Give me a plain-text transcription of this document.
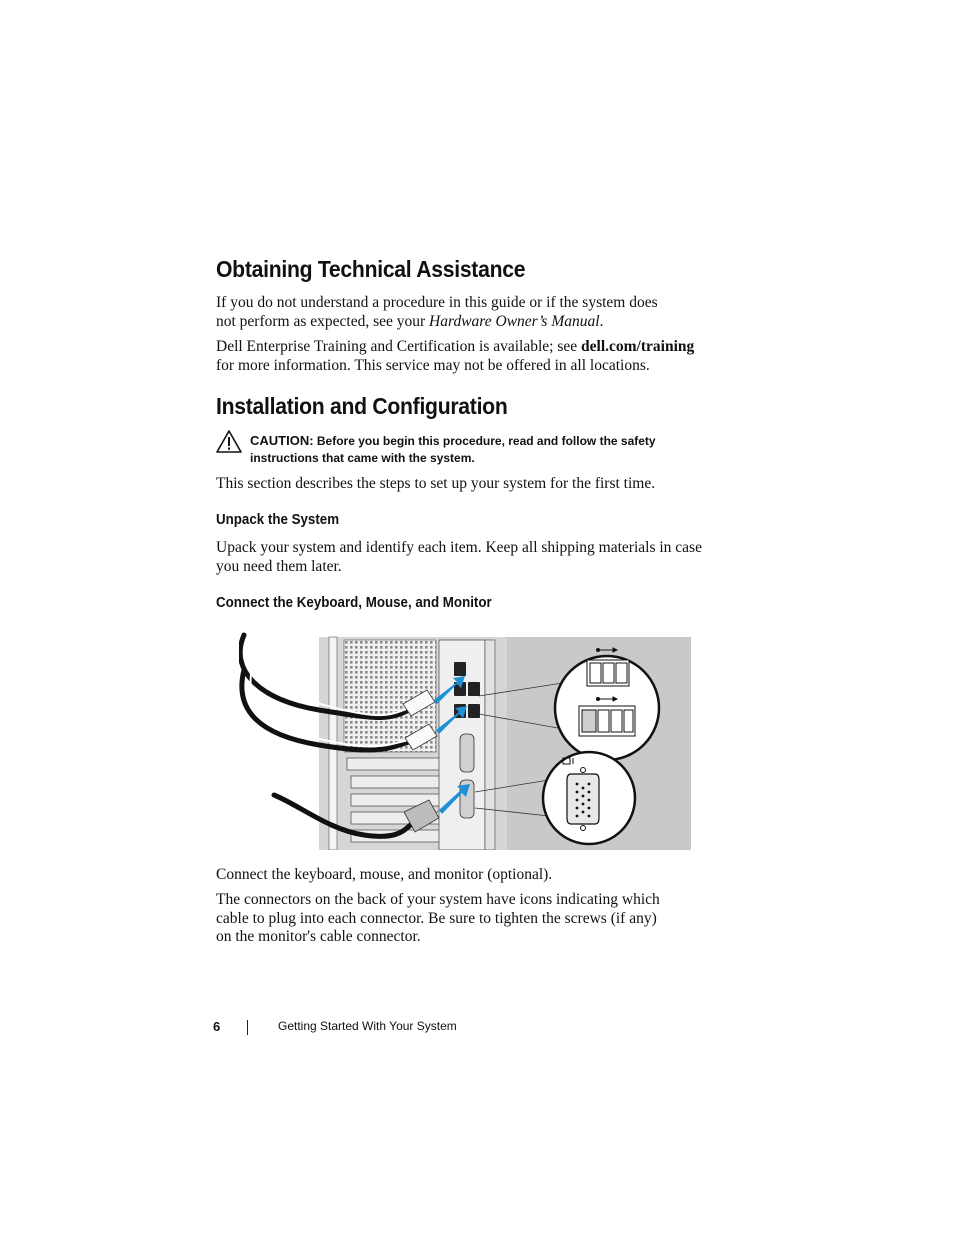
Obtaining Technical Assistance

If you do not understand a procedure in this guide or if the system does
not perform as expected, see your Hardware Owner’s Manual.

Dell Enterprise Training and Certification is available; see dell.com/training
for more information. This service may not be offered in all locations.

Installation and Configuration
CAUTION: Before you begin this procedure, read and follow the safety instructions that came with the system.

This section describes the steps to set up your system for the first time.

Unpack the System

Upack your system and identify each item. Keep all shipping materials in case
you need them later.

Connect the Keyboard, Mouse, and Monitor

Connect the keyboard, mouse, and monitor (optional).

The connectors on the back of your system have icons indicating which
cable to plug into each connector. Be sure to tighten the screws (if any)
on the monitor's cable connector.

6	Getting Started With Your System
